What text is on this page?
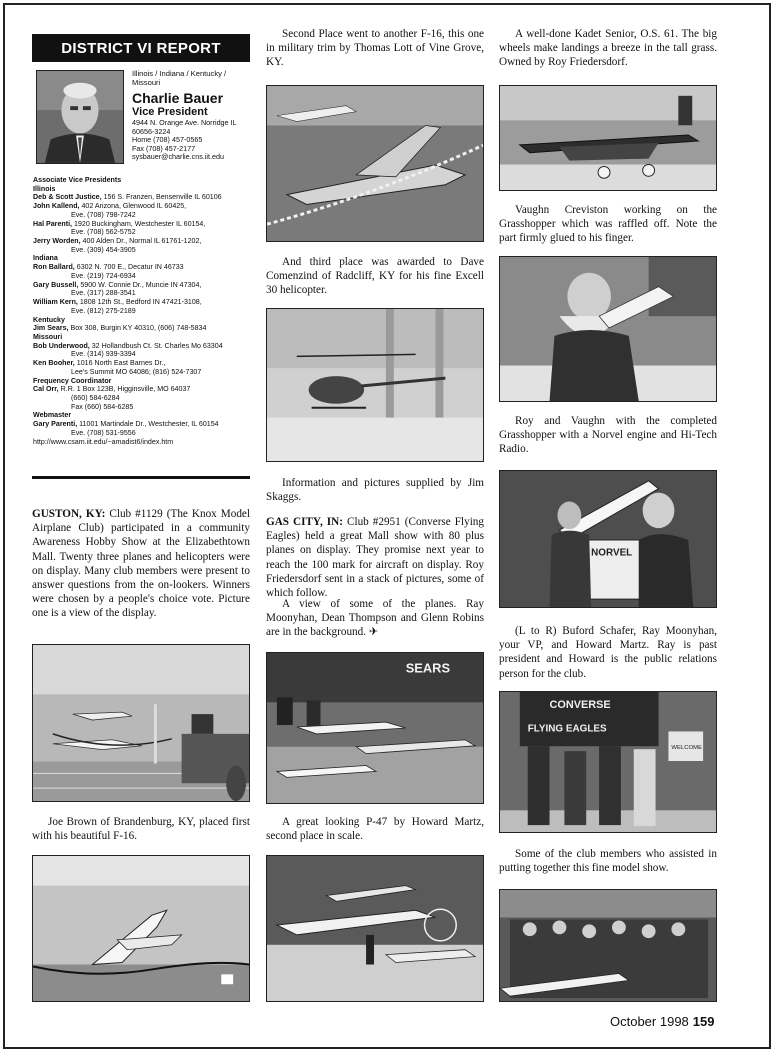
DISTRICT VI REPORT
Illinois / Indiana / Kentucky / Missouri
Charlie Bauer
Vice President
4944 N. Orange Ave. Norridge IL
60656-3224
Home (708) 457-0565
Fax (708) 457-2177
sysbauer@charlie.cns.iit.edu
Associate Vice Presidents
Illinois
Deb & Scott Justice, 156 S. Franzen, Bensenville IL 60106
John Kallend, 402 Arizona, Glenwood IL 60425,
Eve. (708) 798-7242
Hal Parenti, 1920 Buckingham, Westchester IL 60154,
Eve. (708) 562-5752
Jerry Worden, 400 Alden Dr., Normal IL 61761-1202,
Eve. (309) 454-3905
Indiana
Ron Ballard, 6302 N. 700 E., Decatur IN 46733
Eve. (219) 724-6934
Gary Bussell, 5900 W. Connie Dr., Muncie IN 47304,
Eve. (317) 288-3541
William Kern, 1808 12th St., Bedford IN 47421-3108,
Eve. (812) 275-2189
Kentucky
Jim Sears, Box 308, Burgin KY 40310, (606) 748-5834
Missouri
Bob Underwood, 32 Hollandbush Ct. St. Charles Mo 63304
Eve. (314) 939-3394
Ken Booher, 1016 North East Barnes Dr.,
Lee's Summit MO 64086; (816) 524-7307
Frequency Coordinator
Cal Orr, R.R. 1 Box 123B, Higginsville, MO 64037
(660) 584-6284
Fax (660) 584-6285
Webmaster
Gary Parenti, 11001 Martindale Dr., Westchester, IL 60154
Eve. (708) 531-9556
http://www.csam.iit.edu/~amadist6/index.htm
GUSTON, KY: Club #1129 (The Knox Model Airplane Club) participated in a community Awareness Hobby Show at the Elizabethtown Mall. Twenty three planes and helicopters were on display. Many club members were present to answer questions from the on-lookers. Winners were chosen by a people's choice vote. Picture one is a view of the display.
Joe Brown of Brandenburg, KY, placed first with his beautiful F-16.
Second Place went to another F-16, this one in military trim by Thomas Lott of Vine Grove, KY.
And third place was awarded to Dave Comenzind of Radcliff, KY for his fine Excell 30 helicopter.
Information and pictures supplied by Jim Skaggs.
GAS CITY, IN: Club #2951 (Converse Flying Eagles) held a great Mall show with 80 plus planes on display. They promise next year to reach the 100 mark for aircraft on display. Roy Friedersdorf sent in a stack of pictures, some of which follow.
A view of some of the planes. Ray Moonyhan, Dean Thompson and Glenn Robins are in the background. ✈
SEARS
A great looking P-47 by Howard Martz, second place in scale.
A well-done Kadet Senior, O.S. 61. The big wheels make landings a breeze in the tall grass. Owned by Roy Friedersdorf.
Vaughn Creviston working on the Grasshopper which was raffled off. Note the part firmly glued to his finger.
Roy and Vaughn with the completed Grasshopper with a Norvel engine and Hi-Tech Radio.
NORVEL
(L to R) Buford Schafer, Ray Moonyhan, your VP, and Howard Martz. Ray is past president and Howard is the public relations person for the club.
CONVERSE
FLYING EAGLES
WELCOME
Some of the club members who assisted in putting together this fine model show.
October 1998 159
